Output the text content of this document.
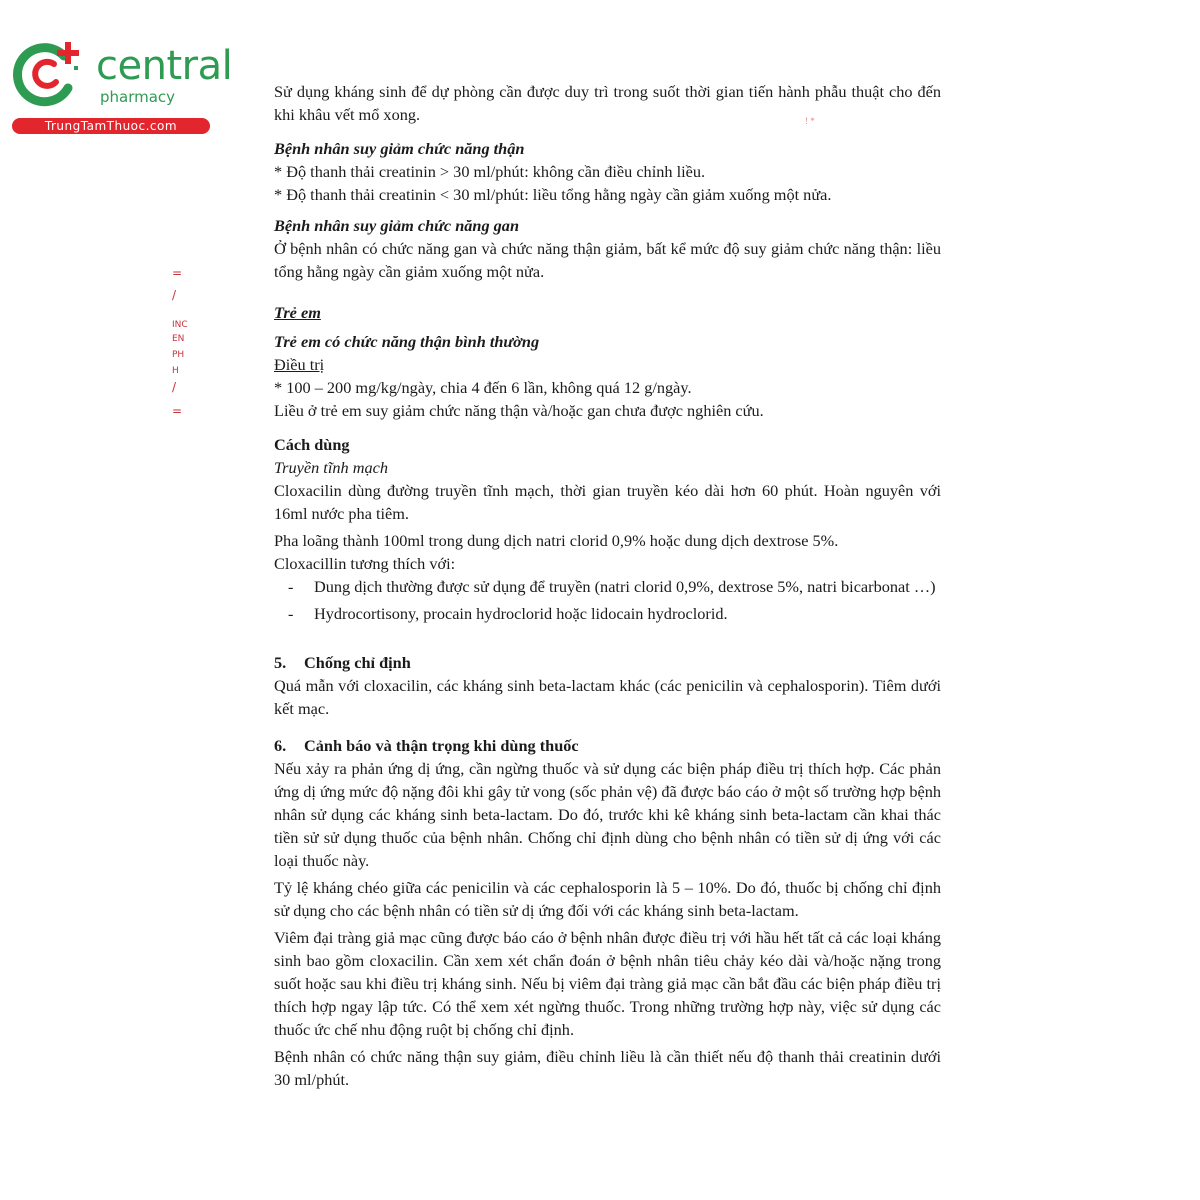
central
pharmacy
TrungTamThuoc.com	! *
=
/
INC
EN
PH
H
/
=

Sử dụng kháng sinh để dự phòng cần được duy trì trong suốt thời gian tiến hành phẫu thuật cho đến khi khâu vết mổ xong.

Bệnh nhân suy giảm chức năng thận

* Độ thanh thải creatinin > 30 ml/phút: không cần điều chỉnh liều.

* Độ thanh thải creatinin < 30 ml/phút: liều tổng hằng ngày cần giảm xuống một nửa.

Bệnh nhân suy giảm chức năng gan

Ở bệnh nhân có chức năng gan và chức năng thận giảm, bất kể mức độ suy giảm chức năng thận: liều tổng hằng ngày cần giảm xuống một nửa.

Trẻ em

Trẻ em có chức năng thận bình thường

Điều trị

* 100 – 200 mg/kg/ngày, chia 4 đến 6 lần, không quá 12 g/ngày.

Liều ở trẻ em suy giảm chức năng thận và/hoặc gan chưa được nghiên cứu.

Cách dùng

Truyền tĩnh mạch

Cloxacilin dùng đường truyền tĩnh mạch, thời gian truyền kéo dài hơn 60 phút. Hoàn nguyên với 16ml nước pha tiêm.

Pha loãng thành 100ml trong dung dịch natri clorid 0,9% hoặc dung dịch dextrose 5%.

Cloxacillin tương thích với:

- Dung dịch thường được sử dụng để truyền (natri clorid 0,9%, dextrose 5%, natri bicarbonat …)
- Hydrocortisony, procain hydroclorid hoặc lidocain hydroclorid.

5. Chống chỉ định

Quá mẫn với cloxacilin, các kháng sinh beta-lactam khác (các penicilin và cephalosporin). Tiêm dưới kết mạc.

6. Cảnh báo và thận trọng khi dùng thuốc

Nếu xảy ra phản ứng dị ứng, cần ngừng thuốc và sử dụng các biện pháp điều trị thích hợp. Các phản ứng dị ứng mức độ nặng đôi khi gây tử vong (sốc phản vệ) đã được báo cáo ở một số trường hợp bệnh nhân sử dụng các kháng sinh beta-lactam. Do đó, trước khi kê kháng sinh beta-lactam cần khai thác tiền sử sử dụng thuốc của bệnh nhân. Chống chỉ định dùng cho bệnh nhân có tiền sử dị ứng với các loại thuốc này.

Tỷ lệ kháng chéo giữa các penicilin và các cephalosporin là 5 – 10%. Do đó, thuốc bị chống chỉ định sử dụng cho các bệnh nhân có tiền sử dị ứng đối với các kháng sinh beta-lactam.

Viêm đại tràng giả mạc cũng được báo cáo ở bệnh nhân được điều trị với hầu hết tất cả các loại kháng sinh bao gồm cloxacilin. Cần xem xét chẩn đoán ở bệnh nhân tiêu chảy kéo dài và/hoặc nặng trong suốt hoặc sau khi điều trị kháng sinh. Nếu bị viêm đại tràng giả mạc cần bắt đầu các biện pháp điều trị thích hợp ngay lập tức. Có thể xem xét ngừng thuốc. Trong những trường hợp này, việc sử dụng các thuốc ức chế nhu động ruột bị chống chỉ định.

Bệnh nhân có chức năng thận suy giảm, điều chỉnh liều là cần thiết nếu độ thanh thải creatinin dưới 30 ml/phút.
